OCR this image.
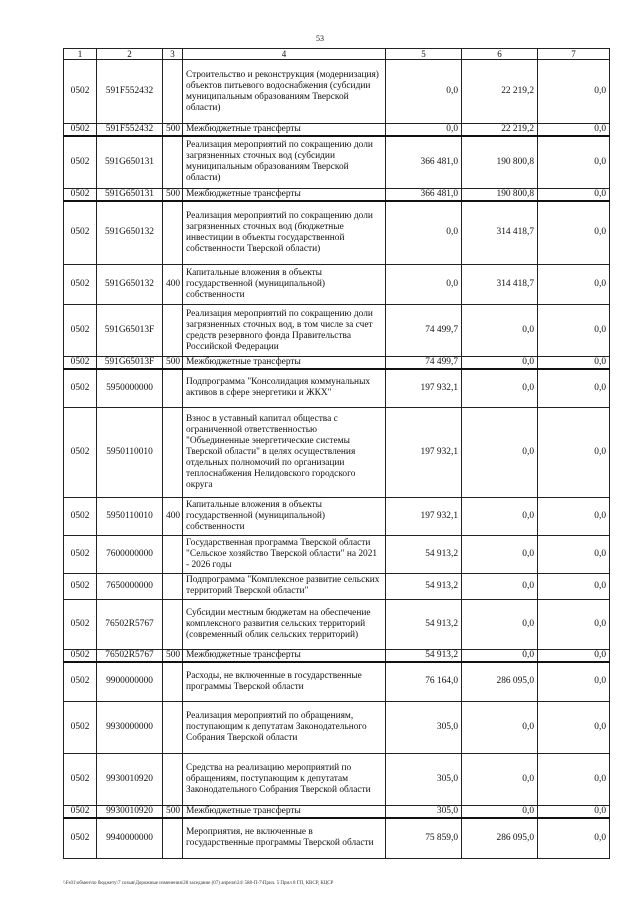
53
1	2	3	4	5	6	7
0502	591F552432		Строительство и реконструкция (модернизация) объектов питьевого водоснабжения (субсидии муниципальным образованиям Тверской области)	0,0	22 219,2	0,0
0502	591F552432	500	Межбюджетные трансферты	0,0	22 219,2	0,0
0502	591G650131		Реализация мероприятий по сокращению доли загрязненных сточных вод (субсидии муниципальным образованиям Тверской области)	366 481,0	190 800,8	0,0
0502	591G650131	500	Межбюджетные трансферты	366 481,0	190 800,8	0,0
0502	591G650132		Реализация мероприятий по сокращению доли загрязненных сточных вод (бюджетные инвестиции в объекты государственной собственности Тверской области)	0,0	314 418,7	0,0
0502	591G650132	400	Капитальные вложения в объекты государственной (муниципальной) собственности	0,0	314 418,7	0,0
0502	591G65013F		Реализация мероприятий по сокращению доли загрязненных сточных вод, в том числе за счет средств резервного фонда Правительства Российской Федерации	74 499,7	0,0	0,0
0502	591G65013F	500	Межбюджетные трансферты	74 499,7	0,0	0,0
0502	5950000000		Подпрограмма "Консолидация коммунальных активов в сфере энергетики и ЖКХ"	197 932,1	0,0	0,0
0502	5950110010		Взнос в уставный капитал общества с ограниченной ответственностью "Объединенные энергетические системы Тверской области" в целях осуществления отдельных полномочий по организации теплоснабжения Нелидовского городского округа	197 932,1	0,0	0,0
0502	5950110010	400	Капитальные вложения в объекты государственной (муниципальной) собственности	197 932,1	0,0	0,0
0502	7600000000		Государственная программа Тверской области "Сельское хозяйство Тверской области" на 2021 - 2026 годы	54 913,2	0,0	0,0
0502	7650000000		Подпрограмма "Комплексное развитие сельских территорий Тверской области"	54 913,2	0,0	0,0
0502	76502R5767		Субсидии местным бюджетам на обеспечение комплексного развития сельских территорий (современный облик сельских территорий)	54 913,2	0,0	0,0
0502	76502R5767	500	Межбюджетные трансферты	54 913,2	0,0	0,0
0502	9900000000		Расходы, не включенные в государственные программы Тверской области	76 164,0	286 095,0	0,0
0502	9930000000		Реализация мероприятий по обращениям, поступающим к депутатам Законодательного Собрания Тверской области	305,0	0,0	0,0
0502	9930010920		Средства на реализацию мероприятий по обращениям, поступающим к депутатам Законодательного Собрания Тверской области	305,0	0,0	0,0
0502	9930010920	500	Межбюджетные трансферты	305,0	0,0	0,0
0502	9940000000		Мероприятия, не включенные в государственные программы Тверской области	75 859,0	286 095,0	0,0
\\Fs01\обмен\по бюджету\7 созыв\Дорожные изменения\28 заседание (07) апреля\24\ 588-П-7\Прил. 5 Прил 8 ГП, КВСР, КЦСР
